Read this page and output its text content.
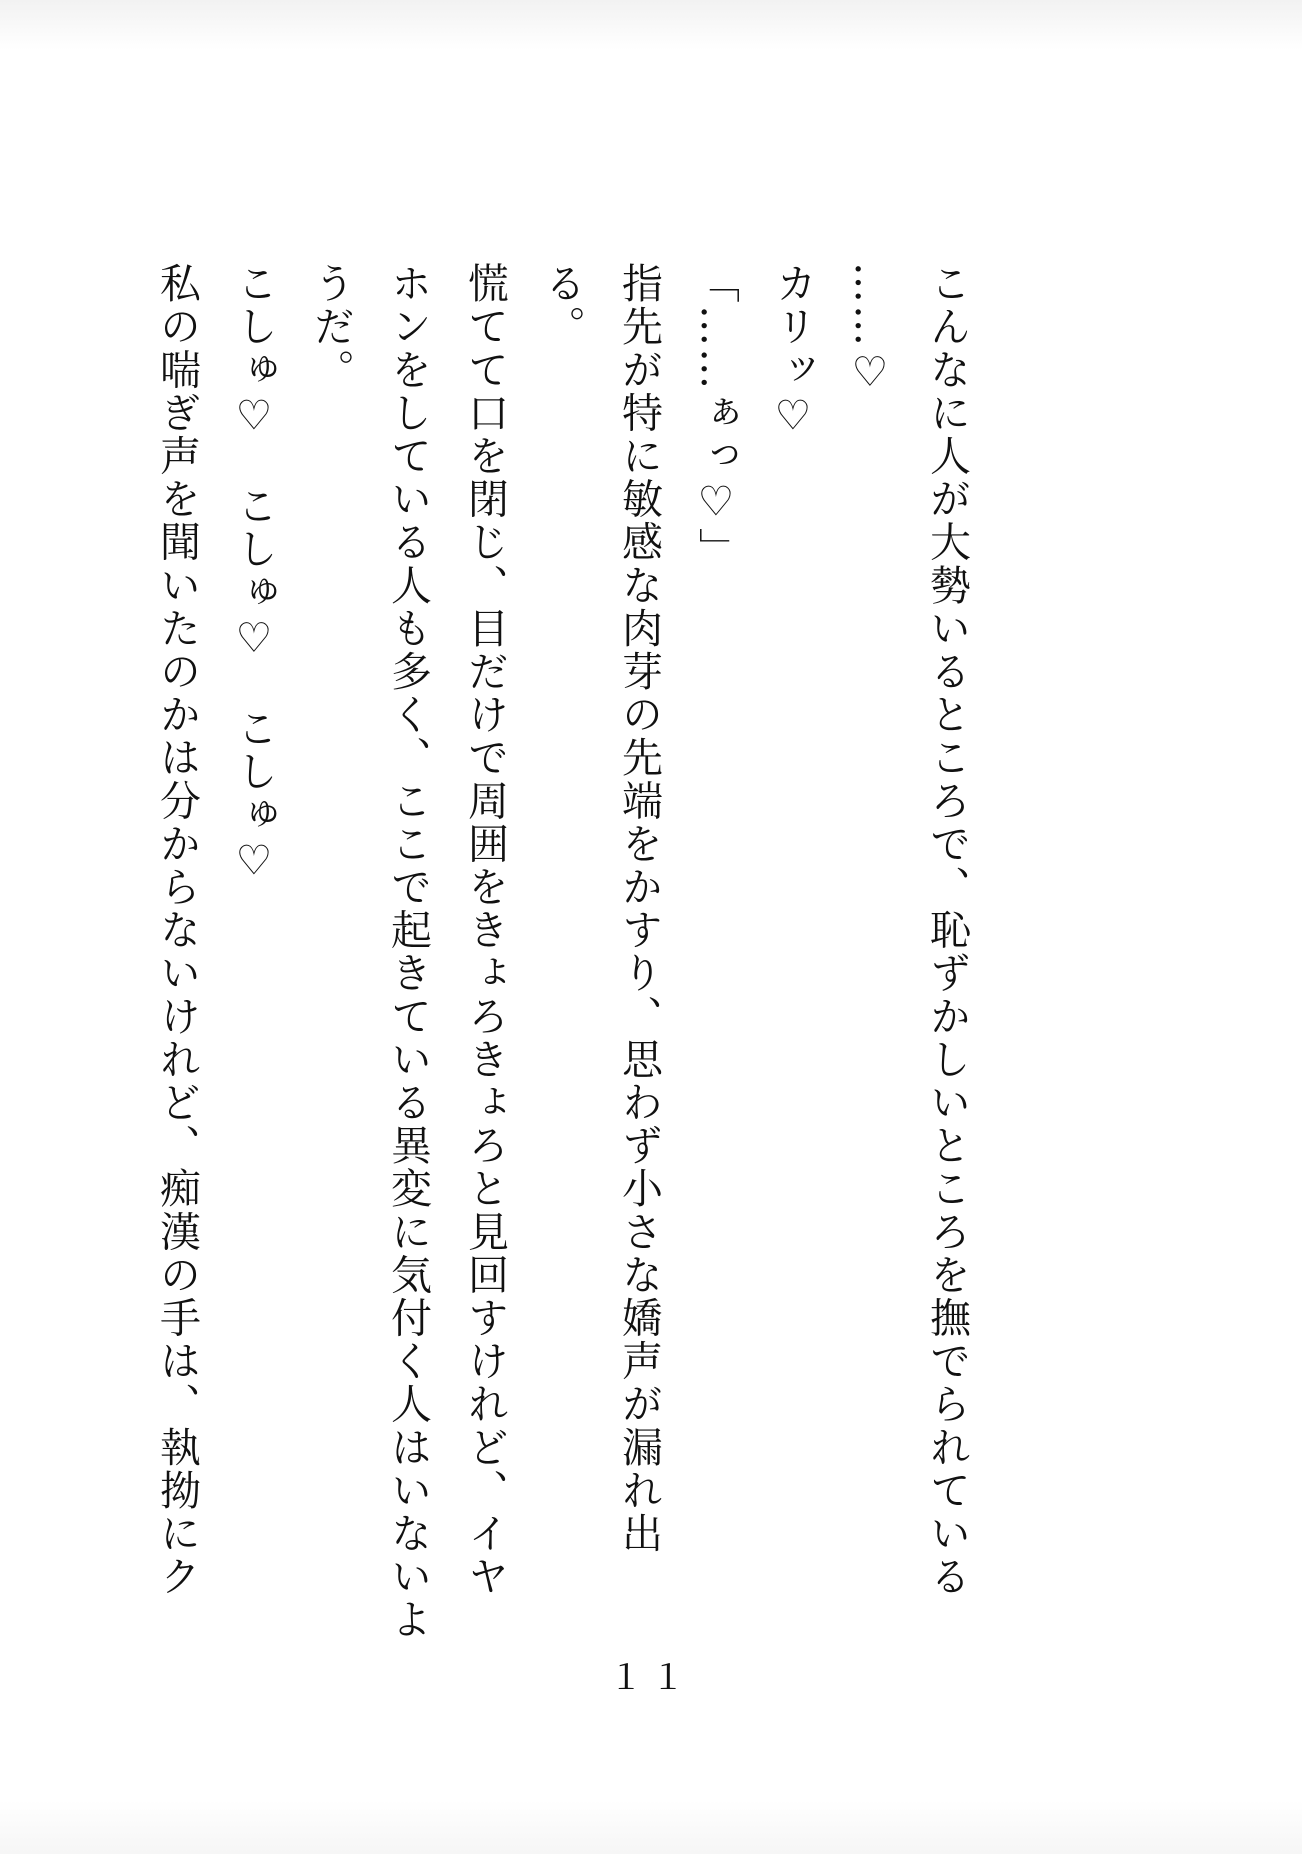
こんなに人が大勢いるところで、恥ずかしいところを撫でられている
……♡
カリッ♡
「……ぁっ♡」
指先が特に敏感な肉芽の先端をかすり、思わず小さな嬌声が漏れ出
る。
慌てて口を閉じ、目だけで周囲をきょろきょろと見回すけれど、イヤ
ホンをしている人も多く、ここで起きている異変に気付く人はいないよ
うだ。
こしゅ♡　こしゅ♡　こしゅ♡
私の喘ぎ声を聞いたのかは分からないけれど、痴漢の手は、執拗にク
１１
